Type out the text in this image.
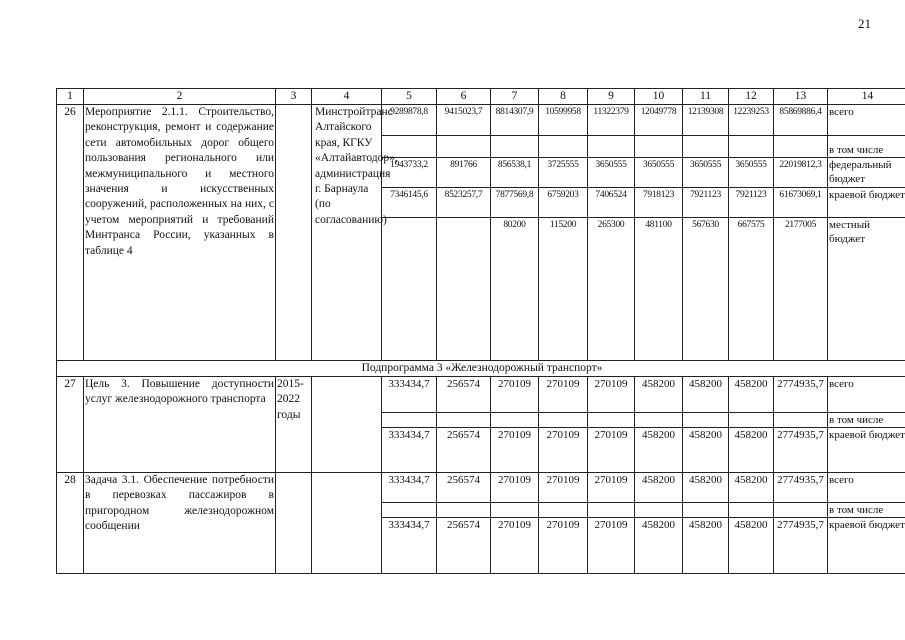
21
1	2	3	4	5	6	7	8	9	10	11	12	13	14
26	Мероприятие 2.1.1. Строительство, реконструкция, ремонт и содержание сети автомобильных дорог общего пользования регионального или межмуниципального и местного значения и искусственных сооружений, расположенных на них, с учетом мероприятий и требований Минтранса России, указанных в таблице 4		Минстройтранс Алтайского края, КГКУ «Алтайавтодор», администрация г. Барнаула (по согласованию)	9289878,8	9415023,7	8814307,9	10599958	11322379	12049778	12139308	12239253	85869886,4	всего
													в том числе
				1943733,2	891766	856538,1	3725555	3650555	3650555	3650555	3650555	22019812,3	федеральный бюджет
				7346145,6	8523257,7	7877569,8	6759203	7406524	7918123	7921123	7921123	61673069,1	краевой бюджет
						80200	115200	265300	481100	567630	667575	2177005	местный бюджет
Подпрограмма 3 «Железнодорожный транспорт»													
27	Цель 3. Повышение доступности услуг железнодорожного транспорта	2015-2022 годы		333434,7	256574	270109	270109	270109	458200	458200	458200	2774935,7	всего
													в том числе
				333434,7	256574	270109	270109	270109	458200	458200	458200	2774935,7	краевой бюджет
28	Задача 3.1. Обеспечение потребности в перевозках пассажиров в пригородном железнодорожном сообщении			333434,7	256574	270109	270109	270109	458200	458200	458200	2774935,7	всего
													в том числе
				333434,7	256574	270109	270109	270109	458200	458200	458200	2774935,7	краевой бюджет
